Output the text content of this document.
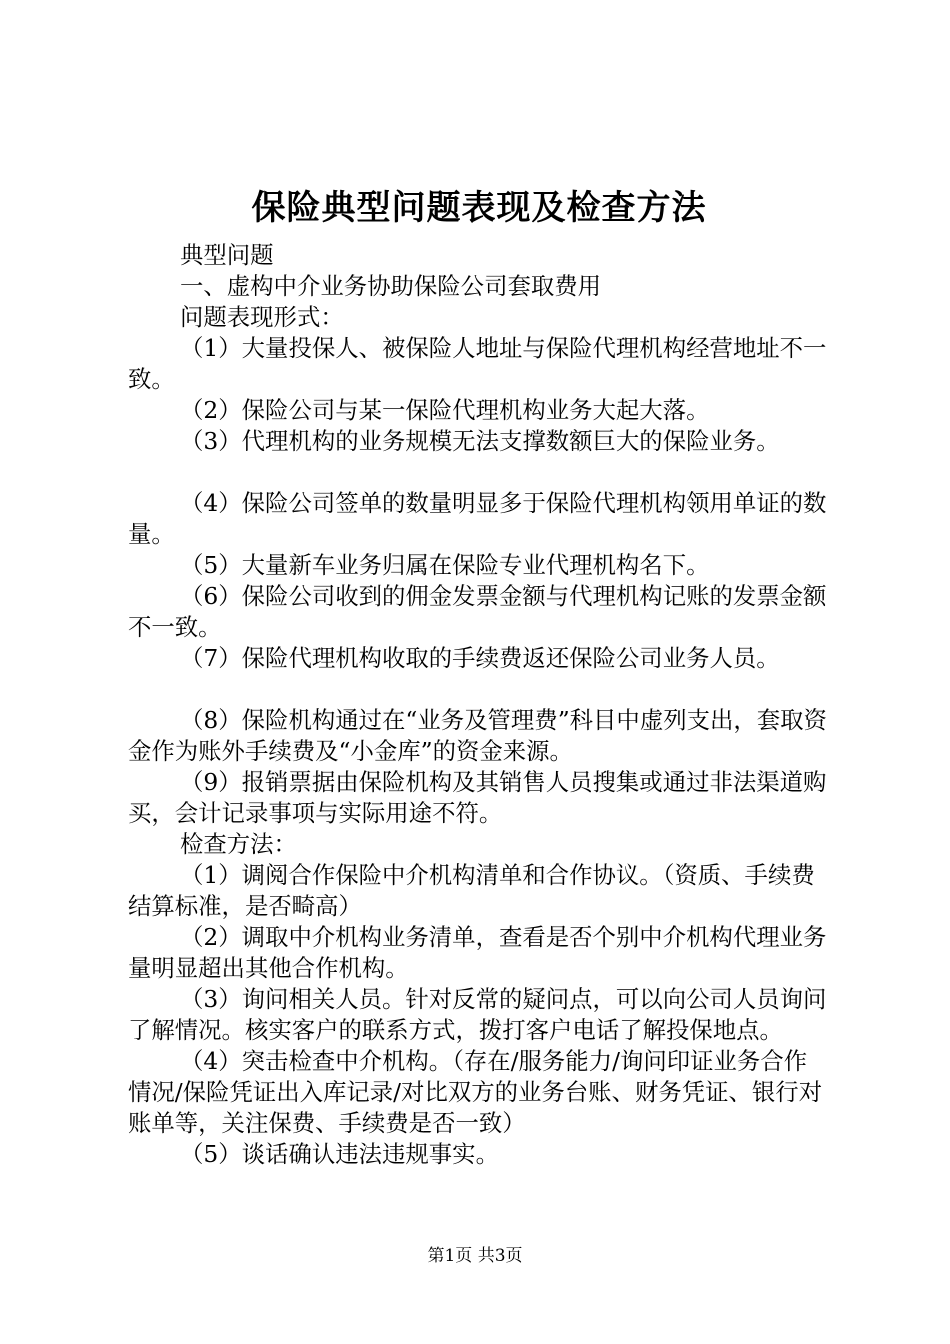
保险典型问题表现及检查方法

典型问题

一、虚构中介业务协助保险公司套取费用

问题表现形式：

（1）大量投保人、被保险人地址与保险代理机构经营地址不一致。

（2）保险公司与某一保险代理机构业务大起大落。

（3）代理机构的业务规模无法支撑数额巨大的保险业务。

（4）保险公司签单的数量明显多于保险代理机构领用单证的数量。

（5）大量新车业务归属在保险专业代理机构名下。

（6）保险公司收到的佣金发票金额与代理机构记账的发票金额不一致。

（7）保险代理机构收取的手续费返还保险公司业务人员。

（8）保险机构通过在“业务及管理费”科目中虚列支出，套取资金作为账外手续费及“小金库”的资金来源。

（9）报销票据由保险机构及其销售人员搜集或通过非法渠道购买，会计记录事项与实际用途不符。

检查方法：

（1）调阅合作保险中介机构清单和合作协议。（资质、手续费结算标准，是否畸高）

（2）调取中介机构业务清单，查看是否个别中介机构代理业务量明显超出其他合作机构。

（3）询问相关人员。针对反常的疑问点，可以向公司人员询问了解情况。核实客户的联系方式，拨打客户电话了解投保地点。

（4）突击检查中介机构。（存在/服务能力/询问印证业务合作情况/保险凭证出入库记录/对比双方的业务台账、财务凭证、银行对账单等，关注保费、手续费是否一致）

（5）谈话确认违法违规事实。

第1页 共3页
